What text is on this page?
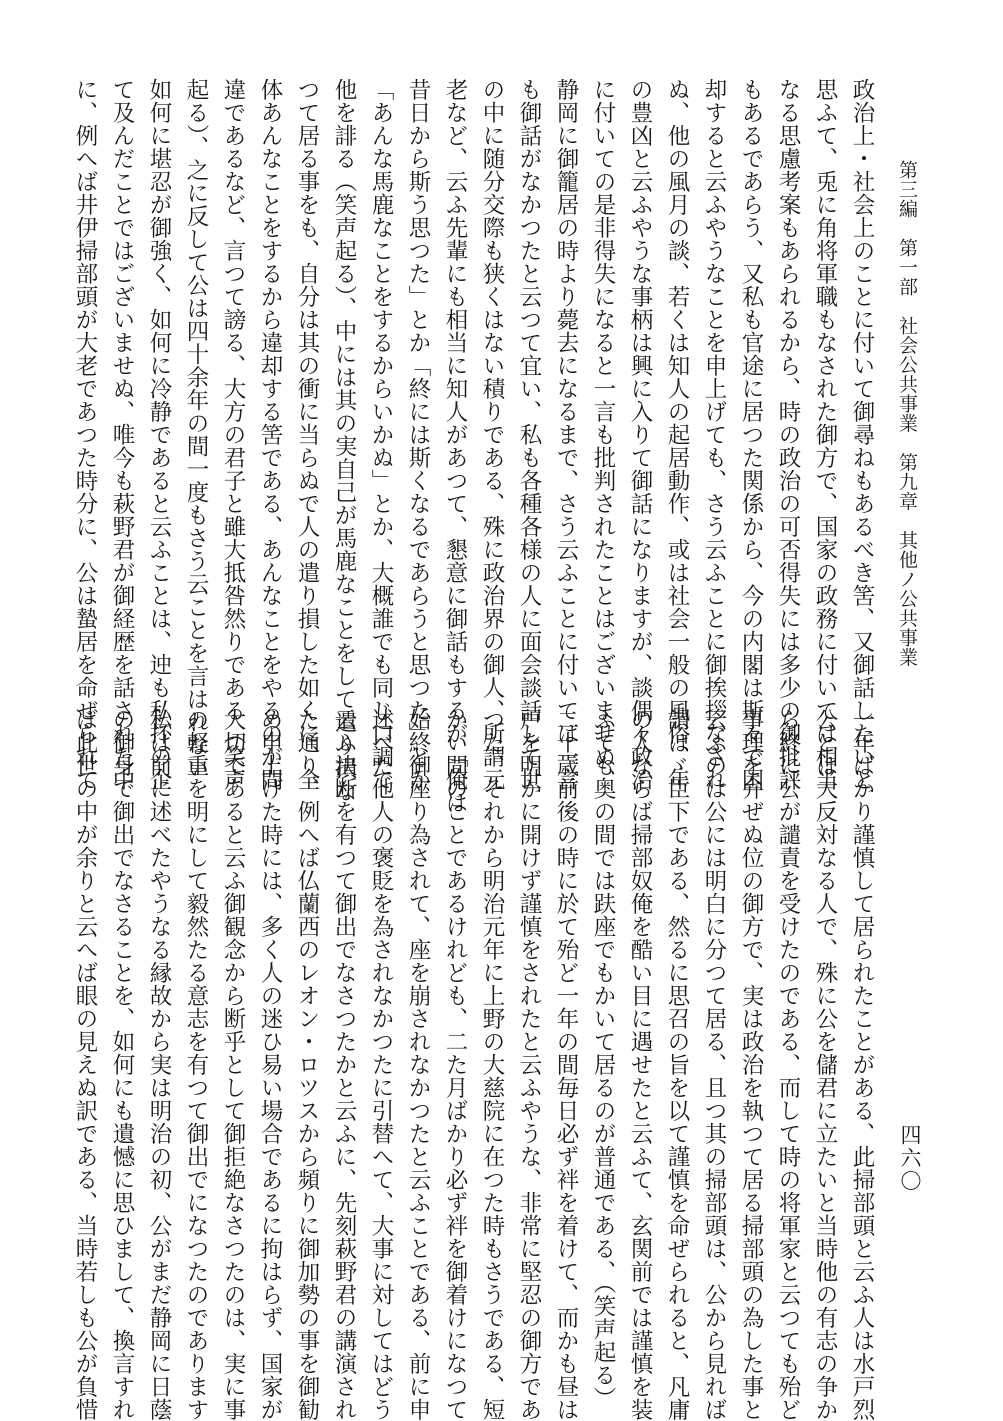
第三編　第一部　社会公共事業　第九章　其他ノ公共事業
政治上・社会上のことに付いて御尋ねもあるべき筈、又御話したいと
思ふて、兎に角将軍職もなされた御方で、国家の政務に付いては相当
なる思慮考案もあられるから、時の政治の可否得失には多少の御批評
もあるであらう、又私も官途に居つた関係から、今の内閣は斯々で困
却すると云ふやうなことを申上げても、さう云ふことに御挨拶なされ
ぬ、他の風月の談、若くは知人の起居動作、或は社会一般の風俗、年
の豊凶と云ふやうな事柄は興に入りて御話になりますが、談偶々政治
に付いての是非得失になると一言も批判されたことはございませぬ、
静岡に御籠居の時より薨去になるまで、さう云ふことに付いては一言
も御話がなかつたと云つて宜い、私も各種各様の人に面会談話して世
の中に随分交際も狭くはない積りである、殊に政治界の御人、所謂元
老など、云ふ先輩にも相当に知人があつて、懇意に御話もするが「俺は
昔日から斯う思つた」とか「終には斯くなるであらうと思つた」とか
「あんな馬鹿なことをするからいかぬ」とか、大概誰でも同じ口調で
他を誹る（笑声起る）、中には其の実自己が馬鹿なことをして遣り損な
つて居る事をも、自分は其の衝に当らぬで人の遣り損した如くに、全
体あんなことをするから違却する筈である、あんなことをやるのが間
違であるなど、言つて謗る、大方の君子と雖大抵咎然りである（笑声
起る）、之に反して公は四十余年の間一度もさう云ことを言はれない
如何に堪忍が御強く、如何に冷静であると云ふことは、迚も私抔の企
て及んだことではございませぬ、唯今も萩野君が御経歴を話された中
に、例へば井伊掃部頭が大老であつた時分に、公は蟄居を命ぜられて
一年ばかり謹慎して居られたことがある、此掃部頭と云ふ人は水戸烈
公とは大反対なる人で、殊に公を儲君に立たいと当時他の有志の争か
ら終に公が譴責を受けたのである、而して時の将軍家と云つても殆ど
事理を弁ぜぬ位の御方で、実は政治を執つて居る掃部頭の為した事と
云ふのは公には明白に分つて居る、且つ其の掃部頭は、公から見れば
謂はゞ臣下である、然るに思召の旨を以て謹慎を命ぜられると、凡庸
の人ならば掃部奴俺を酷い目に遇せたと云ふて、玄関前では謹慎を装
ふても奥の間では趺座でもかいて居るのが普通である、（笑声起る）
二十歳前後の時に於て殆ど一年の間毎日必ず袢を着けて、而かも昼は
戸を明かに開けず謹慎をされたと云ふやうな、非常に堅忍の御方であ
つた、それから明治元年に上野の大慈院に在つた時もさうである、短
かい間のことであるけれども、二た月ばかり必ず袢を御着けになつて
始終御座り為されて、座を崩されなかつたと云ふことである、前に申
述べた他人の褒貶を為されなかつたに引替へて、大事に対してはどう
云ふ決断を有つて御出でなさつたかと云ふに、先刻萩野君の講演され
た通り、例へば仏蘭西のレオン・ロツスから頻りに御加勢の事を御勧
め申上げた時には、多く人の迷ひ易い場合であるに拘はらず、国家が
大切であると云ふ御観念から断乎として御拒絶なさつたのは、実に事
の軽重を明にして毅然たる意志を有つて御出でになつたのであります
私は前に述べたやうなる縁故から実は明治の初、公がまだ静岡に日蔭
の御身で御出でなさることを、如何にも遺憾に思ひまして、換言すれ
ば此世の中が余りと云へば眼の見えぬ訳である、当時若しも公が負惜	四六〇
